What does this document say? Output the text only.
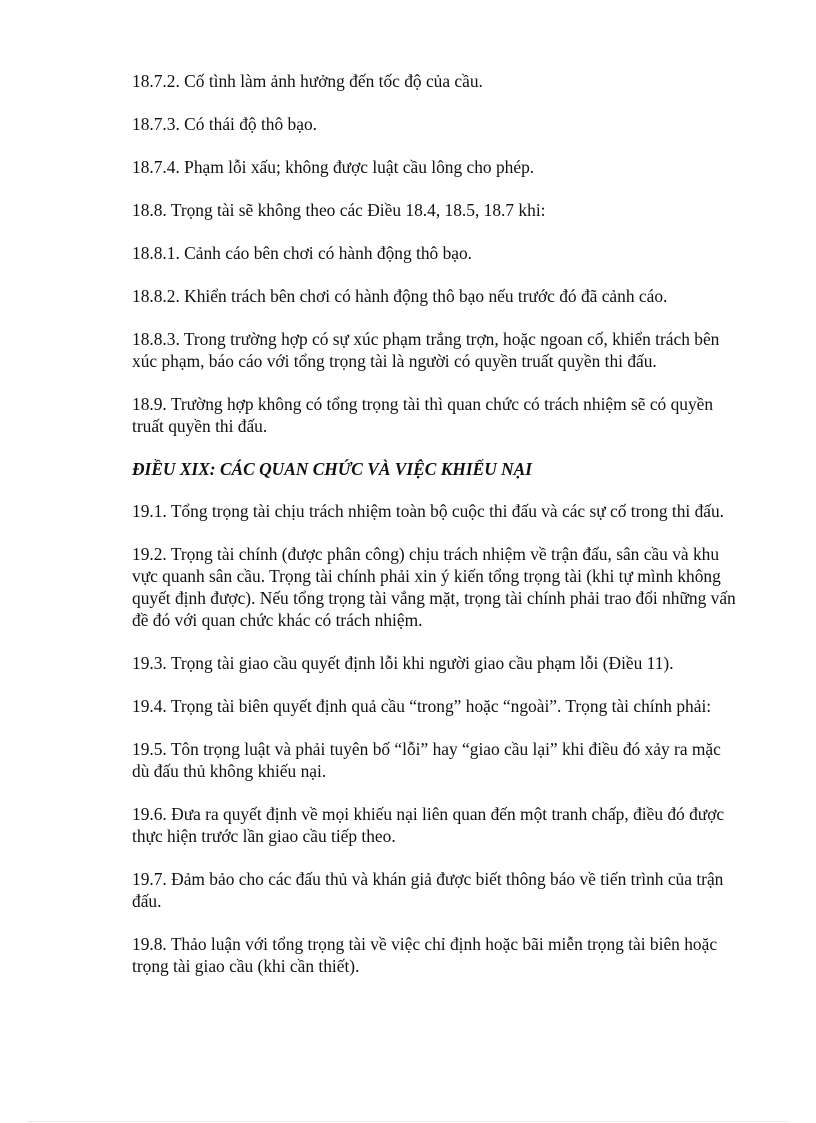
18.7.2. Cố tình làm ảnh hưởng đến tốc độ của cầu.

18.7.3. Có thái độ thô bạo.

18.7.4. Phạm lỗi xấu; không được luật cầu lông cho phép.

18.8. Trọng tài sẽ không theo các Điều 18.4, 18.5, 18.7 khi:

18.8.1. Cảnh cáo bên chơi có hành động thô bạo.

18.8.2. Khiển trách bên chơi có hành động thô bạo nếu trước đó đã cảnh cáo.

18.8.3. Trong trường hợp có sự xúc phạm trắng trợn, hoặc ngoan cố, khiển trách bên xúc phạm, báo cáo với tổng trọng tài là người có quyền truất quyền thi đấu.

18.9. Trường hợp không có tổng trọng tài thì quan chức có trách nhiệm sẽ có quyền truất quyền thi đấu.

ĐIỀU XIX: CÁC QUAN CHỨC VÀ VIỆC KHIẾU NẠI

19.1. Tổng trọng tài chịu trách nhiệm toàn bộ cuộc thi đấu và các sự cố trong thi đấu.

19.2. Trọng tài chính (được phân công) chịu trách nhiệm về trận đấu, sân cầu và khu vực quanh sân cầu. Trọng tài chính phải xin ý kiến tổng trọng tài (khi tự mình không quyết định được). Nếu tổng trọng tài vắng mặt, trọng tài chính phải trao đổi những vấn đề đó với quan chức khác có trách nhiệm.

19.3. Trọng tài giao cầu quyết định lỗi khi người giao cầu phạm lỗi (Điều 11).

19.4. Trọng tài biên quyết định quả cầu “trong” hoặc “ngoài”. Trọng tài chính phải:

19.5. Tôn trọng luật và phải tuyên bố “lỗi” hay “giao cầu lại” khi điều đó xảy ra mặc dù đấu thủ không khiếu nại.

19.6. Đưa ra quyết định về mọi khiếu nại liên quan đến một tranh chấp, điều đó được thực hiện trước lần giao cầu tiếp theo.

19.7. Đảm bảo cho các đấu thủ và khán giả được biết thông báo về tiến trình của trận đấu.

19.8. Thảo luận với tổng trọng tài về việc chỉ định hoặc bãi miễn trọng tài biên hoặc trọng tài giao cầu (khi cần thiết).
